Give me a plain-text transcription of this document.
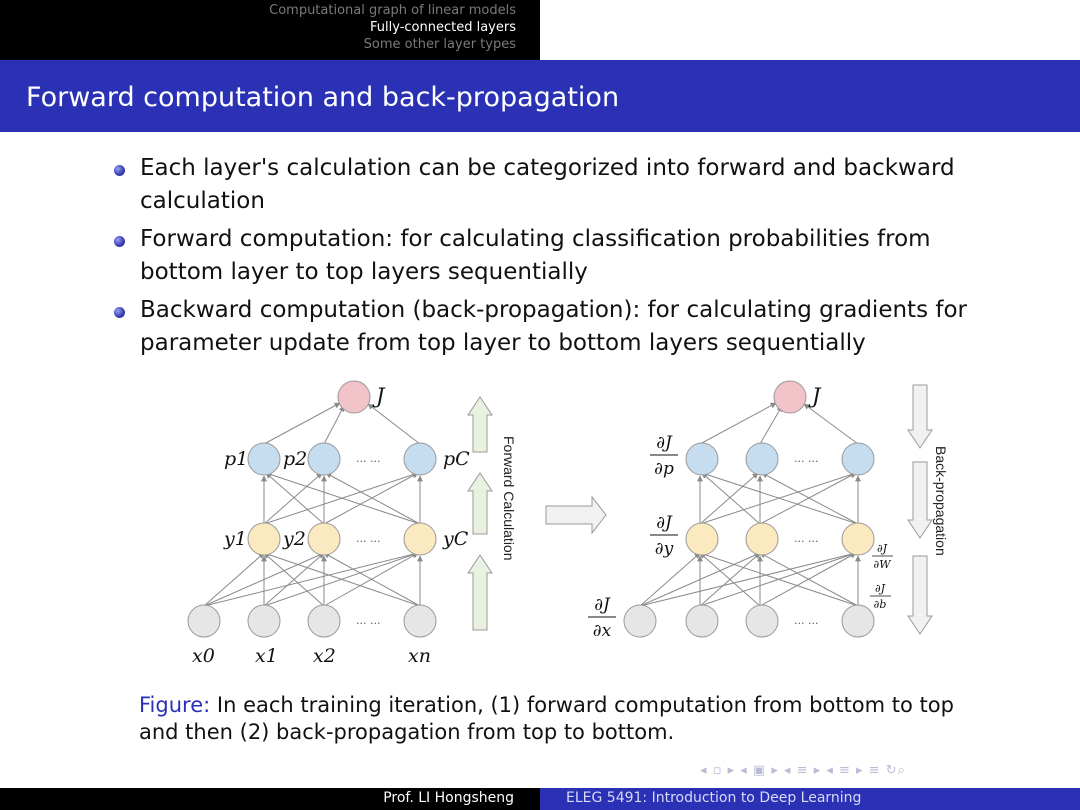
Computational graph of linear models
Fully-connected layers
Some other layer types
Forward computation and back-propagation
Each layer's calculation can be categorized into forward and backward
calculation
Forward computation: for calculating classification probabilities from
bottom layer to top layers sequentially
Backward computation (back-propagation): for calculating gradients for
parameter update from top layer to bottom layers sequentially
J
p1 p2	pC
y1 y2	yC
x0 x1 x2	xn
... ...
... ...
... ...
Forward Calculation
J
... ...
... ...
... ...
∂J
∂p
∂J
∂y
∂J
∂x
∂J
∂W
∂J
∂b
Back-propagation
Figure: In each training iteration, (1) forward computation from bottom to top
and then (2) back-propagation from top to bottom.
◂ ▫ ▸ ◂ ▣ ▸ ◂ ≡ ▸ ◂ ≡ ▸ ≡ ↻⌕
Prof. LI Hongsheng	ELEG 5491: Introduction to Deep Learning
